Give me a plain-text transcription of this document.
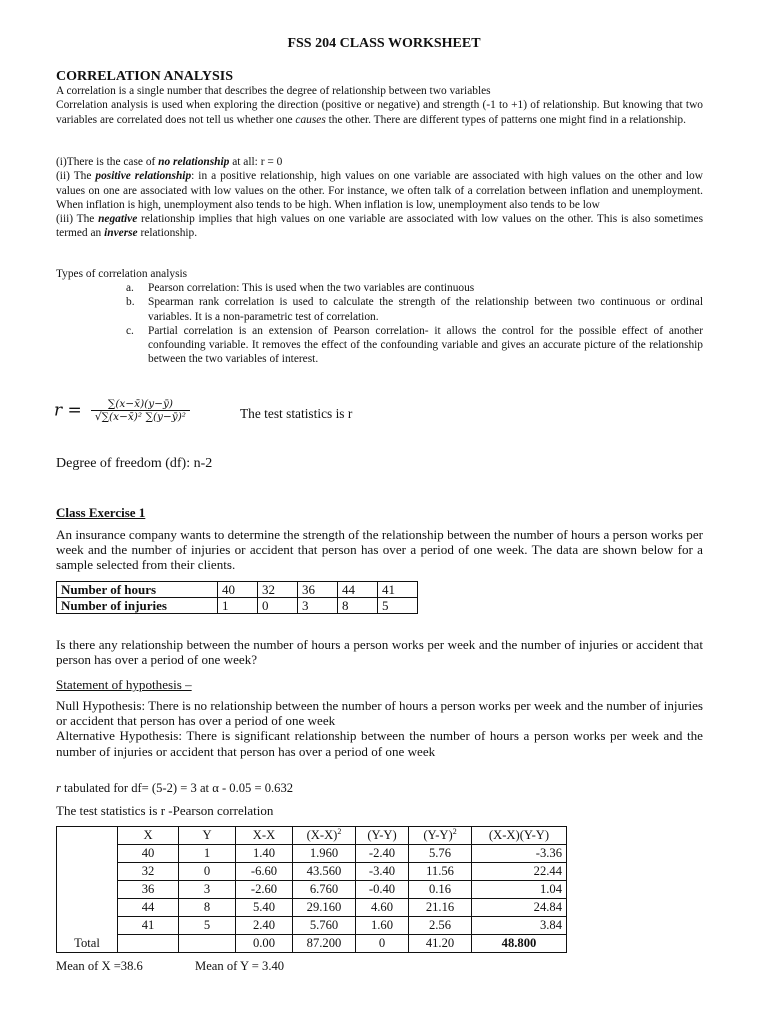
FSS 204 CLASS WORKSHEET
CORRELATION ANALYSIS
A correlation is a single number that describes the degree of relationship between two variables
Correlation analysis is used when exploring the direction (positive or negative) and strength (-1 to +1) of relationship. But knowing that two variables are correlated does not tell us whether one causes the other. There are different types of patterns one might find in a relationship.
(i)There is the case of no relationship at all: r = 0
(ii) The positive relationship: in a positive relationship, high values on one variable are associated with high values on the other and low values on one are associated with low values on the other. For instance, we often talk of a correlation between inflation and unemployment. When inflation is high, unemployment also tends to be high. When inflation is low, unemployment also tends to be low
(iii) The negative relationship implies that high values on one variable are associated with low values on the other. This is also sometimes termed an inverse relationship.
Types of correlation analysis
a. Pearson correlation: This is used when the two variables are continuous
b. Spearman rank correlation is used to calculate the strength of the relationship between two continuous or ordinal variables. It is a non-parametric test of correlation.
c. Partial correlation is an extension of Pearson correlation- it allows the control for the possible effect of another confounding variable. It removes the effect of the confounding variable and gives an accurate picture of the relationship between the two variables of interest.
$r = \frac{\sum(x-x̄)(y-ȳ)}{\text{√∑(x−x̄)² ∑(y−ȳ)²}}$	The test statistics is r
Degree of freedom (df): n-2
Class Exercise 1
An insurance company wants to determine the strength of the relationship between the number of hours a person works per week and the number of injuries or accident that person has over a period of one week. The data are shown below for a sample selected from their clients.
Number of hours	40	32	36	44	41
Number of injuries	1	0	3	8	5
Is there any relationship between the number of hours a person works per week and the number of injuries or accident that person has over a period of one week?
Statement of hypothesis –
Null Hypothesis: There is no relationship between the number of hours a person works per week and the number of injuries or accident that person has over a period of one week
Alternative Hypothesis: There is significant relationship between the number of hours a person works per week and the number of injuries or accident that person has over a period of one week
r tabulated for df= (5-2) = 3 at α - 0.05 = 0.632
The test statistics is r -Pearson correlation
	X	Y	X-X	$(X-X)^2$	(Y-Y)	$(Y-Y)^2$	(X-X)(Y-Y)
	40	1	1.40	1.960	-2.40	5.76	-3.36
	32	0	-6.60	43.560	-3.40	11.56	22.44
	36	3	-2.60	6.760	-0.40	0.16	1.04
	44	8	5.40	29.160	4.60	21.16	24.84
	41	5	2.40	5.760	1.60	2.56	3.84
Total			0.00	87.200	0	41.20	48.800
Mean of X =38.6	Mean of Y = 3.40
